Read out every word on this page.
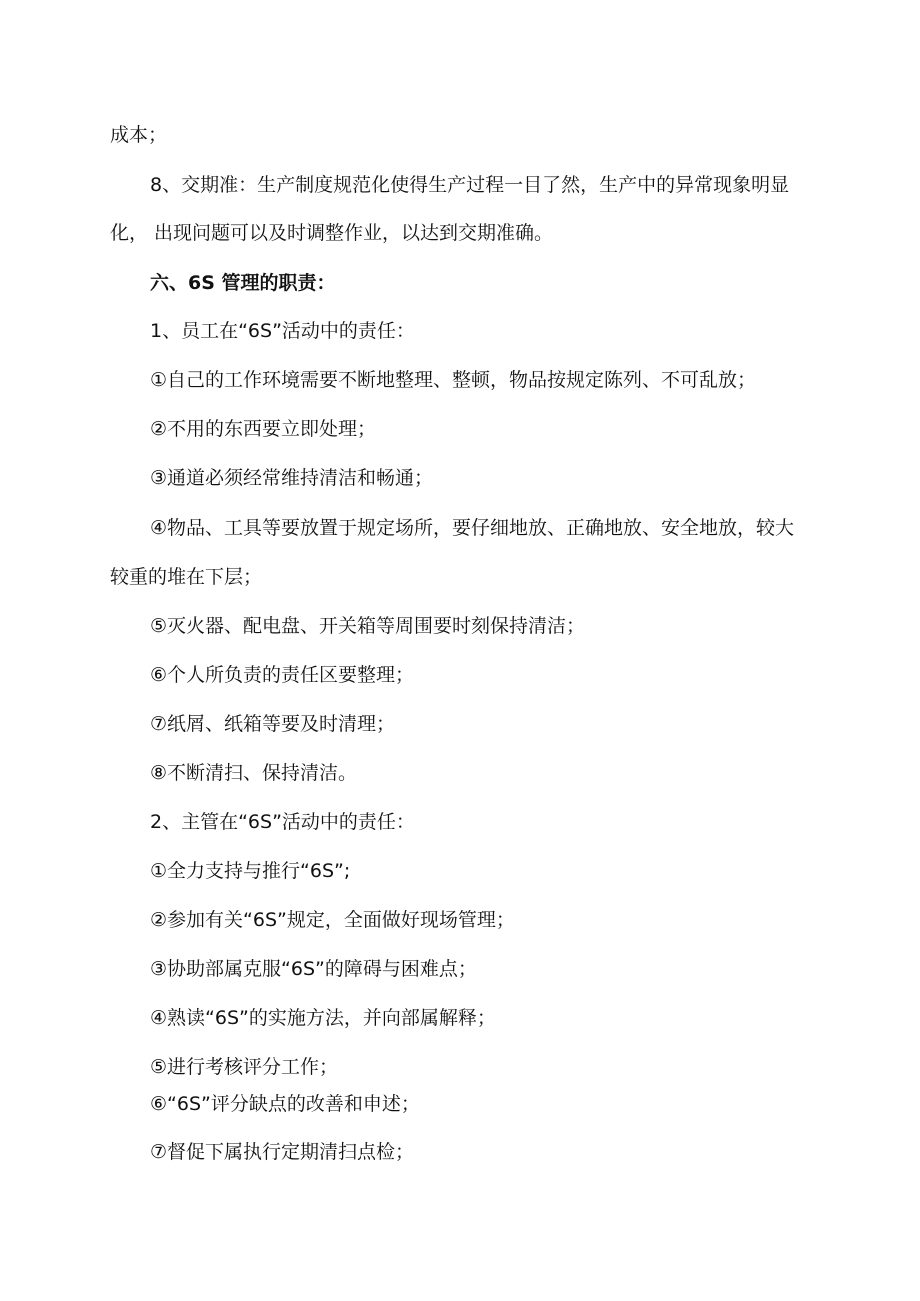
成本；
8、交期准：生产制度规范化使得生产过程一目了然，生产中的异常现象明显
化， 出现问题可以及时调整作业，以达到交期准确。
六、6S 管理的职责：
1、员工在“6S”活动中的责任：
①自己的工作环境需要不断地整理、整顿，物品按规定陈列、不可乱放；
②不用的东西要立即处理；
③通道必须经常维持清洁和畅通；
④物品、工具等要放置于规定场所，要仔细地放、正确地放、安全地放，较大
较重的堆在下层；
⑤灭火器、配电盘、开关箱等周围要时刻保持清洁；
⑥个人所负责的责任区要整理；
⑦纸屑、纸箱等要及时清理；
⑧不断清扫、保持清洁。
2、主管在“6S”活动中的责任：
①全力支持与推行“6S”;
②参加有关“6S”规定，全面做好现场管理；
③协助部属克服“6S”的障碍与困难点；
④熟读“6S”的实施方法，并向部属解释；
⑤进行考核评分工作；
⑥“6S”评分缺点的改善和申述；
⑦督促下属执行定期清扫点检；
